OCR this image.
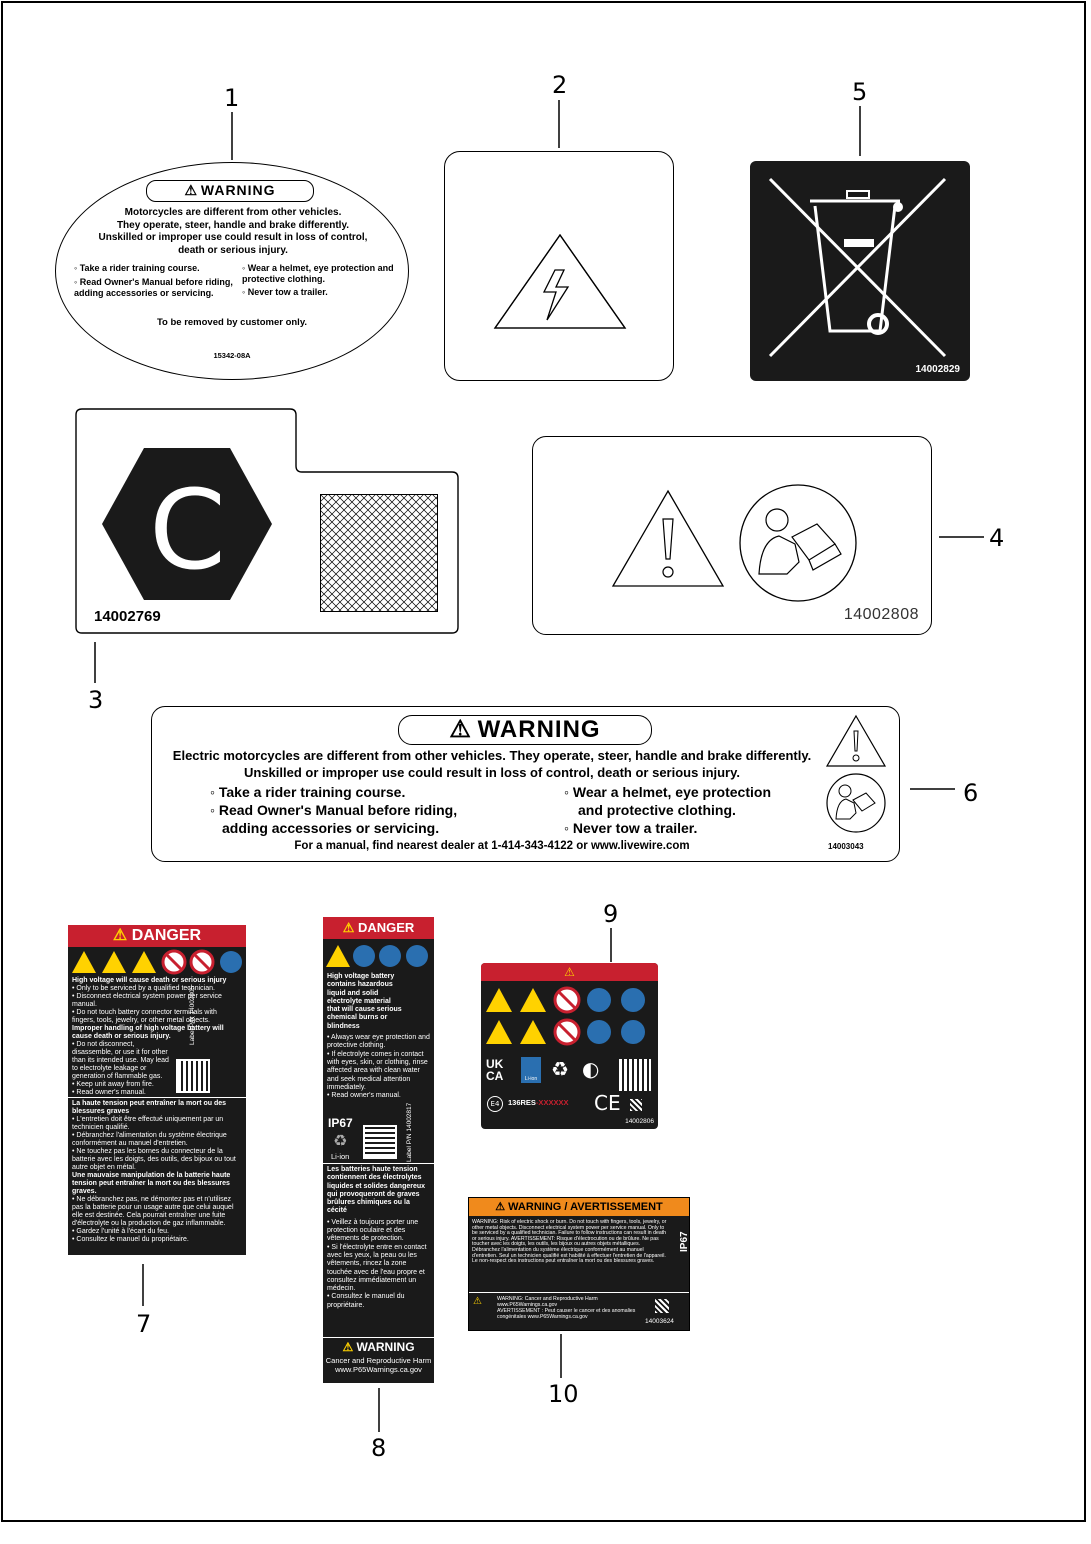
1	2	5
3
4
6
7
8
9
10
⚠ WARNING
Motorcycles are different from other vehicles.
They operate, steer, handle and brake differently.
Unskilled or improper use could result in loss of control,
death or serious injury.
◦ Take a rider training course.
◦ Read Owner's Manual before riding, adding accessories or servicing.
◦ Wear a helmet, eye protection and protective clothing.
◦ Never tow a trailer.
To be removed by customer only.
15342-08A
14002829
C
14002769	14002808
⚠ WARNING
Electric motorcycles are different from other vehicles. They operate, steer, handle and brake differently.
Unskilled or improper use could result in loss of control, death or serious injury.
◦ Take a rider training course.
◦ Read Owner's Manual before riding,
adding accessories or servicing.
◦ Wear a helmet, eye protection
and protective clothing.
◦ Never tow a trailer.
For a manual, find nearest dealer at 1-414-343-4122 or www.livewire.com	14003043
⚠ DANGER
High voltage will cause death or serious injury
• Only to be serviced by a qualified technician.
• Disconnect electrical system power per service manual.
• Do not touch battery connector terminals with fingers, tools, jewelry, or other metal objects.
Improper handling of high voltage battery will cause death or serious injury.
• Do not disconnect, disassemble, or use it for other than its intended use. May lead to electrolyte leakage or generation of flammable gas.
• Keep unit away from fire.
• Read owner's manual.
Label P/N 14002805
La haute tension peut entraîner la mort ou des blessures graves
• L'entretien doit être effectué uniquement par un technicien qualifié.
• Débranchez l'alimentation du système électrique conformément au manuel d'entretien.
• Ne touchez pas les bornes du connecteur de la batterie avec les doigts, des outils, des bijoux ou tout autre objet en métal.
Une mauvaise manipulation de la batterie haute tension peut entraîner la mort ou des blessures graves.
• Ne débranchez pas, ne démontez pas et n'utilisez pas la batterie pour un usage autre que celui auquel elle est destinée. Cela pourrait entraîner une fuite d'électrolyte ou la production de gaz inflammable.
• Gardez l'unité à l'écart du feu.
• Consultez le manuel du propriétaire.
⚠ DANGER
High voltage battery contains hazardous liquid and solid electrolyte material that will cause serious chemical burns or blindness
• Always wear eye protection and protective clothing.
• If electrolyte comes in contact with eyes, skin, or clothing, rinse affected area with clean water and seek medical attention immediately.
• Read owner's manual.
IP67
♻
Li-ion	Label P/N 14002817
Les batteries haute tension contiennent des électrolytes liquides et solides dangereux qui provoqueront de graves brûlures chimiques ou la cécité
• Veillez à toujours porter une protection oculaire et des vêtements de protection.
• Si l'électrolyte entre en contact avec les yeux, la peau ou les vêtements, rincez la zone touchée avec de l'eau propre et consultez immédiatement un médecin.
• Consultez le manuel du propriétaire.
⚠ WARNING
Cancer and Reproductive Harm
www.P65Warnings.ca.gov
⚠
UK
CA	Li-ion ♻ ◐
E4	136RES-XXXXXX CE
14002806
⚠ WARNING / AVERTISSEMENT
WARNING: Risk of electric shock or burn. Do not touch with fingers, tools, jewelry, or other metal objects. Disconnect electrical system power per service manual. Only to be serviced by a qualified technician. Failure to follow instructions can result in death or serious injury. AVERTISSEMENT: Risque d'électrocution ou de brûlure. Ne pas toucher avec les doigts, les outils, les bijoux ou autres objets métalliques. Débranchez l'alimentation du système électrique conformément au manuel d'entretien. Seul un technicien qualifié est habilité à effectuer l'entretien de l'appareil. Le non-respect des instructions peut entraîner la mort ou des blessures graves.
IP67
⚠	WARNING: Cancer and Reproductive Harm
www.P65Warnings.ca.gov
AVERTISSEMENT : Peut causer le cancer et des anomalies congénitales www.P65Warnings.ca.gov
14003624
